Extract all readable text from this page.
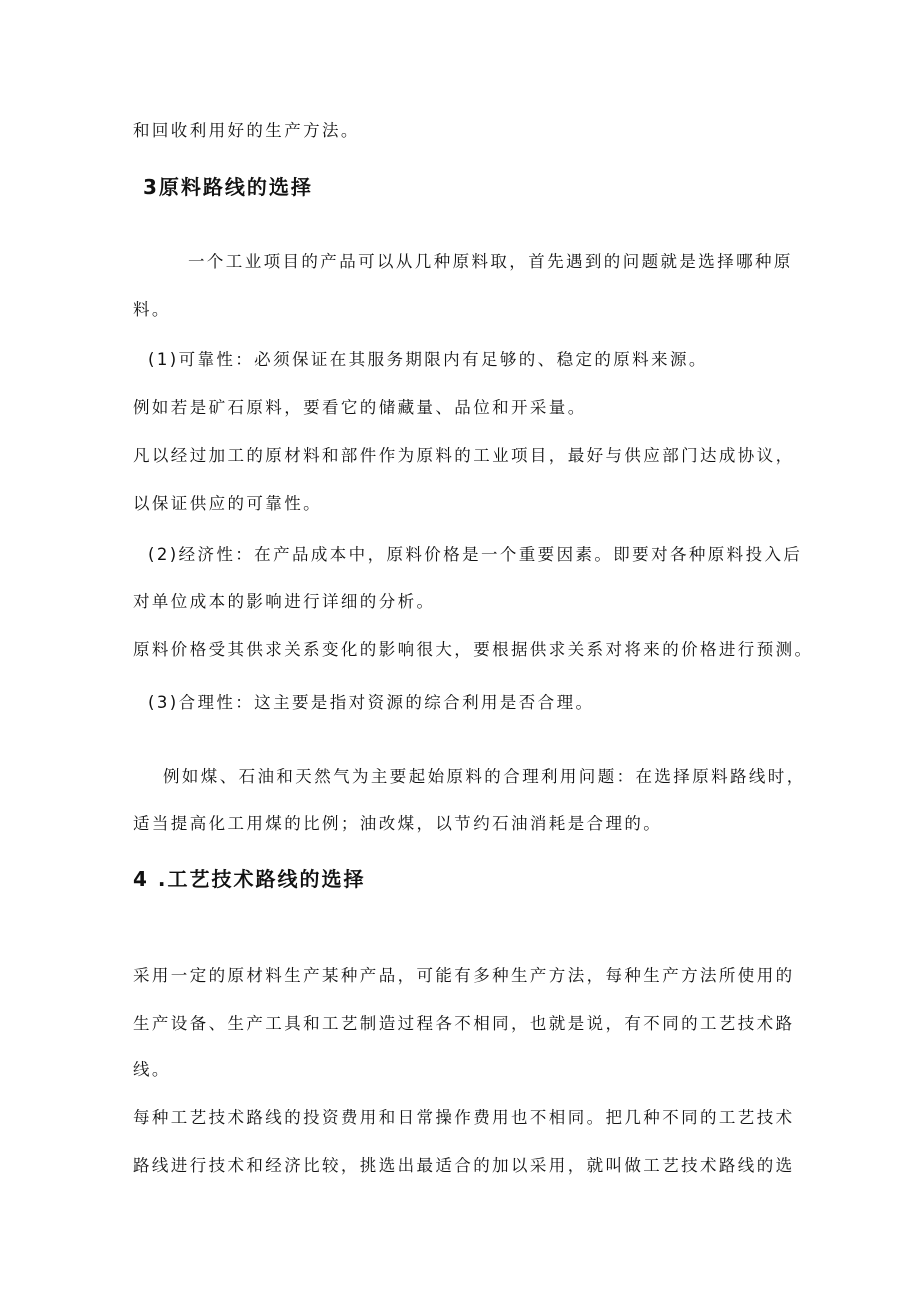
和回收利用好的生产方法。
3原料路线的选择
一个工业项目的产品可以从几种原料取，首先遇到的问题就是选择哪种原
料。
(1)可靠性：必须保证在其服务期限内有足够的、稳定的原料来源。
例如若是矿石原料，要看它的储藏量、品位和开采量。
凡以经过加工的原材料和部件作为原料的工业项目，最好与供应部门达成协议，
以保证供应的可靠性。
(2)经济性：在产品成本中，原料价格是一个重要因素。即要对各种原料投入后
对单位成本的影响进行详细的分析。
原料价格受其供求关系变化的影响很大，要根据供求关系对将来的价格进行预测。
(3)合理性：这主要是指对资源的综合利用是否合理。
例如煤、石油和天然气为主要起始原料的合理利用问题：在选择原料路线时，
适当提高化工用煤的比例；油改煤，以节约石油消耗是合理的。
4 .工艺技术路线的选择
采用一定的原材料生产某种产品，可能有多种生产方法，每种生产方法所使用的
生产设备、生产工具和工艺制造过程各不相同，也就是说，有不同的工艺技术路
线。
每种工艺技术路线的投资费用和日常操作费用也不相同。把几种不同的工艺技术
路线进行技术和经济比较，挑选出最适合的加以采用，就叫做工艺技术路线的选
